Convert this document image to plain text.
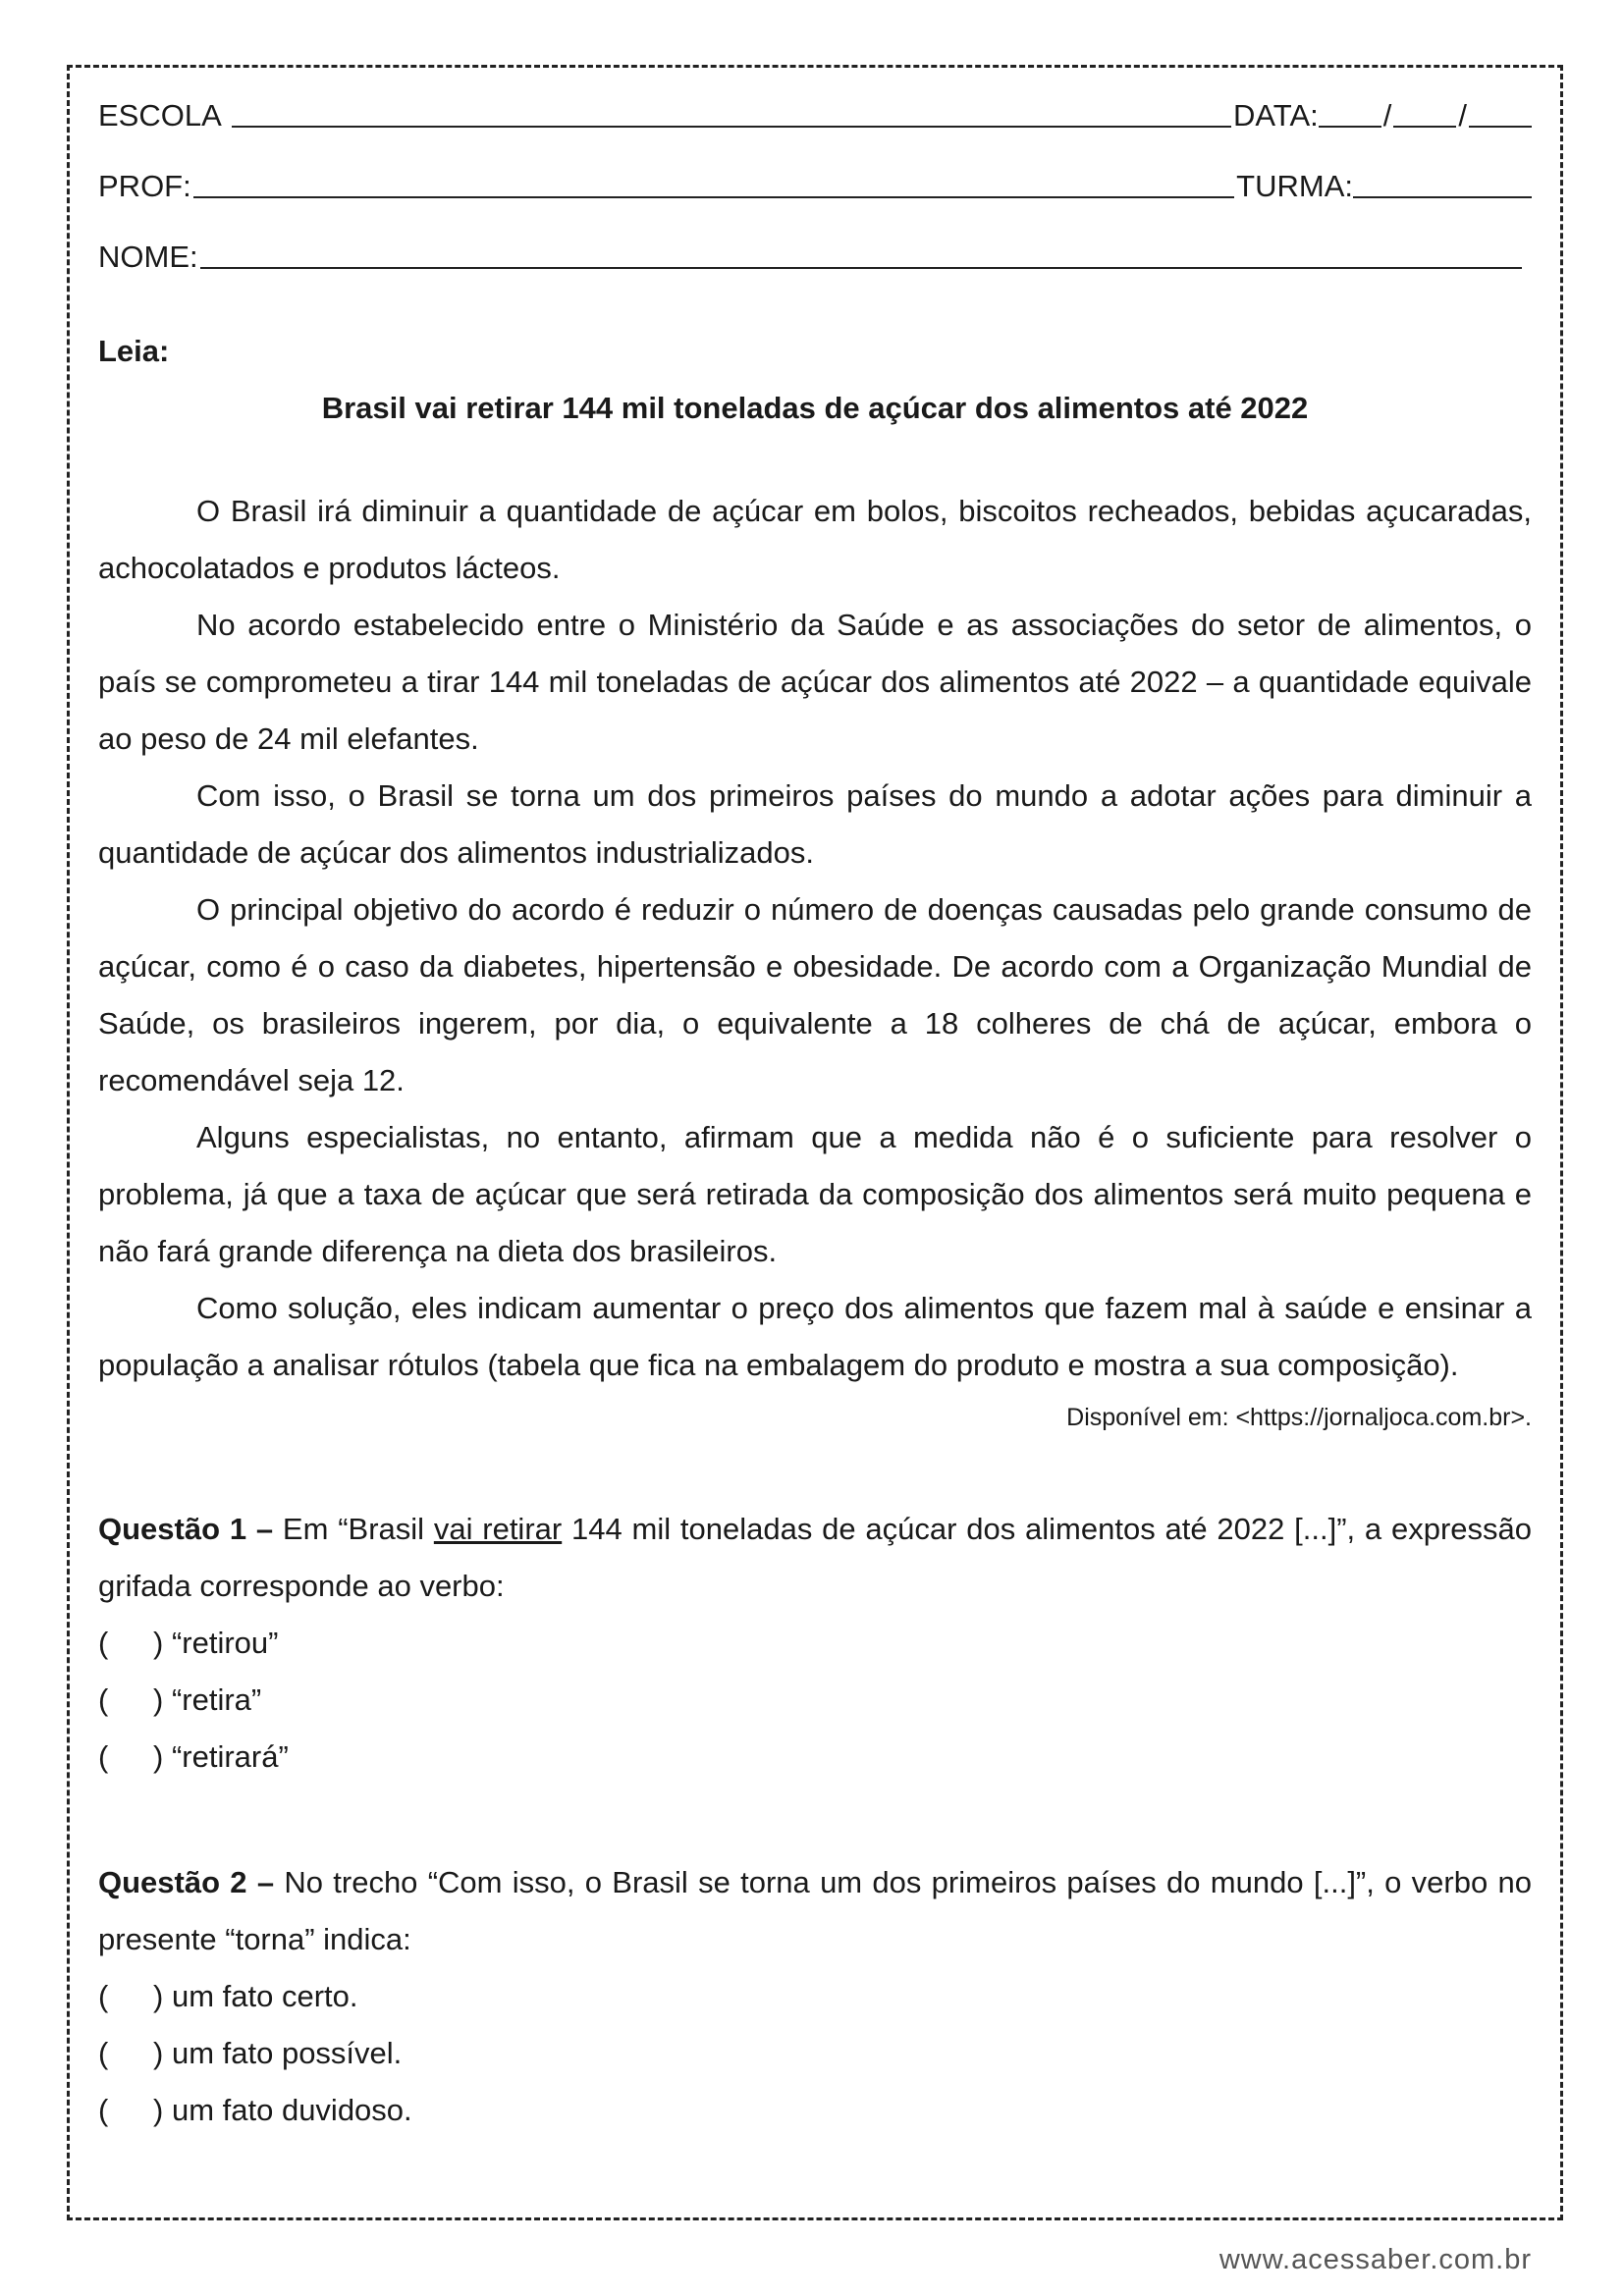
ESCOLA	DATA: / /
PROF:	TURMA:
NOME:
Leia:
Brasil vai retirar 144 mil toneladas de açúcar dos alimentos até 2022

O Brasil irá diminuir a quantidade de açúcar em bolos, biscoitos recheados, bebidas açucaradas, achocolatados e produtos lácteos.

No acordo estabelecido entre o Ministério da Saúde e as associações do setor de alimentos, o país se comprometeu a tirar 144 mil toneladas de açúcar dos alimentos até 2022 – a quantidade equivale ao peso de 24 mil elefantes.

Com isso, o Brasil se torna um dos primeiros países do mundo a adotar ações para diminuir a quantidade de açúcar dos alimentos industrializados.

O principal objetivo do acordo é reduzir o número de doenças causadas pelo grande consumo de açúcar, como é o caso da diabetes, hipertensão e obesidade. De acordo com a Organização Mundial de Saúde, os brasileiros ingerem, por dia, o equivalente a 18 colheres de chá de açúcar, embora o recomendável seja 12.

Alguns especialistas, no entanto, afirmam que a medida não é o suficiente para resolver o problema, já que a taxa de açúcar que será retirada da composição dos alimentos será muito pequena e não fará grande diferença na dieta dos brasileiros.

Como solução, eles indicam aumentar o preço dos alimentos que fazem mal à saúde e ensinar a população a analisar rótulos (tabela que fica na embalagem do produto e mostra a sua composição).

Disponível em: <https://jornaljoca.com.br>.
Questão 1 – Em “Brasil vai retirar 144 mil toneladas de açúcar dos alimentos até 2022 [...]”, a expressão grifada corresponde ao verbo:
( ) “retirou”
( ) “retira”
( ) “retirará”
Questão 2 – No trecho “Com isso, o Brasil se torna um dos primeiros países do mundo [...]”, o verbo no presente “torna” indica:
( ) um fato certo.
( ) um fato possível.
( ) um fato duvidoso.
www.acessaber.com.br
